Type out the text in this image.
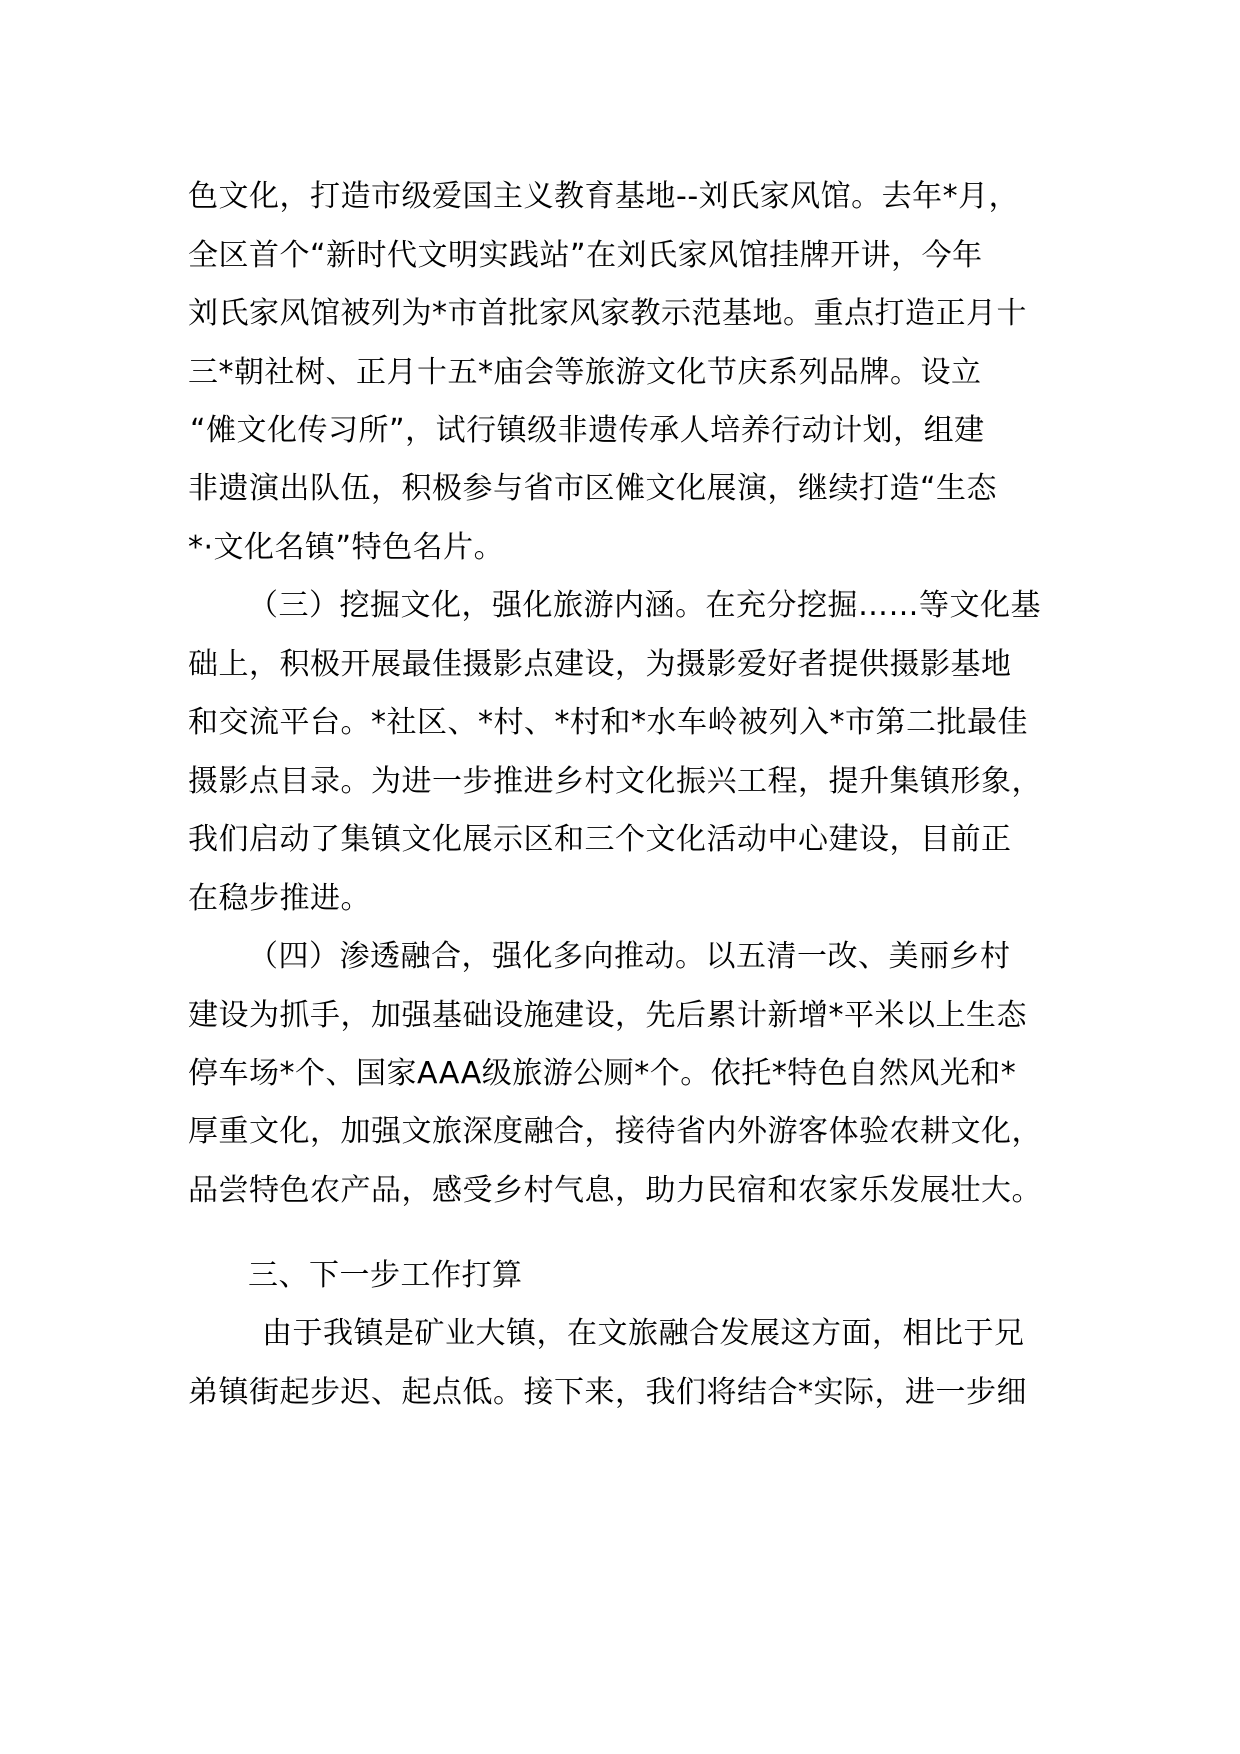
色文化，打造市级爱国主义教育基地--刘氏家风馆。去年*月，
全区首个“新时代文明实践站”在刘氏家风馆挂牌开讲，今年
刘氏家风馆被列为*市首批家风家教示范基地。重点打造正月十
三*朝社树、正月十五*庙会等旅游文化节庆系列品牌。设立
“傩文化传习所”，试行镇级非遗传承人培养行动计划，组建
非遗演出队伍，积极参与省市区傩文化展演，继续打造“生态
*·文化名镇”特色名片。
（三）挖掘文化，强化旅游内涵。在充分挖掘……等文化基
础上，积极开展最佳摄影点建设，为摄影爱好者提供摄影基地
和交流平台。*社区、*村、*村和*水车岭被列入*市第二批最佳
摄影点目录。为进一步推进乡村文化振兴工程，提升集镇形象，
我们启动了集镇文化展示区和三个文化活动中心建设，目前正
在稳步推进。
（四）渗透融合，强化多向推动。以五清一改、美丽乡村
建设为抓手，加强基础设施建设，先后累计新增*平米以上生态
停车场*个、国家AAA级旅游公厕*个。依托*特色自然风光和*
厚重文化，加强文旅深度融合，接待省内外游客体验农耕文化，
品尝特色农产品，感受乡村气息，助力民宿和农家乐发展壮大。
三、下一步工作打算
由于我镇是矿业大镇，在文旅融合发展这方面，相比于兄
弟镇街起步迟、起点低。接下来，我们将结合*实际，进一步细
